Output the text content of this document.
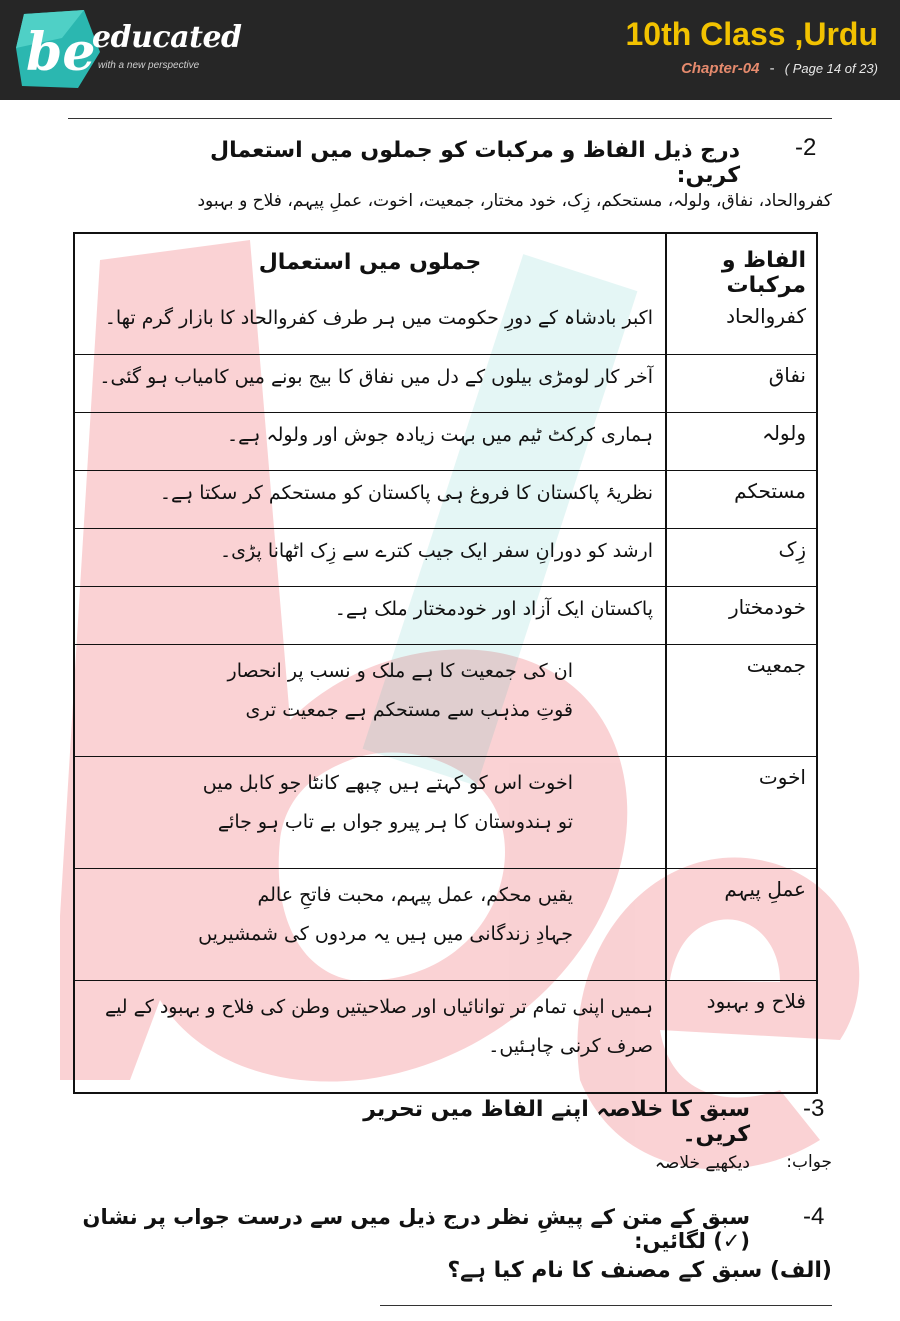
be
educated
with a new perspective
10th Class ,Urdu
Chapter-04 - ( Page 14 of 23)
-2
درج ذیل الفاظ و مرکبات کو جملوں میں استعمال کریں:
کفروالحاد، نفاق، ولولہ، مستحکم، زِک، خود مختار، جمعیت، اخوت، عملِ پیہم، فلاح و بہبود
الفاظ و مرکبات
جملوں میں استعمال
کفروالحاد
اکبر بادشاہ کے دورِ حکومت میں ہر طرف کفروالحاد کا بازار گرم تھا۔
نفاق
آخر کار لومڑی بیلوں کے دل میں نفاق کا بیج بونے میں کامیاب ہو گئی۔
ولولہ
ہماری کرکٹ ٹیم میں بہت زیادہ جوش اور ولولہ ہے۔
مستحکم
نظریۂ پاکستان کا فروغ ہی پاکستان کو مستحکم کر سکتا ہے۔
زِک
ارشد کو دورانِ سفر ایک جیب کترے سے زِک اٹھانا پڑی۔
خودمختار
پاکستان ایک آزاد اور خودمختار ملک ہے۔
جمعیت
ان کی جمعیت کا ہے ملک و نسب پر انحصار
قوتِ مذہب سے مستحکم ہے جمعیت تری
اخوت
اخوت اس کو کہتے ہیں چبھے کانٹا جو کابل میں
تو ہندوستان کا ہر پیرو جواں بے تاب ہو جائے
عملِ پیہم
یقیں محکم، عمل پیہم، محبت فاتحِ عالم
جہادِ زندگانی میں ہیں یہ مردوں کی شمشیریں
فلاح و بہبود
ہمیں اپنی تمام تر توانائیاں اور صلاحیتیں وطن کی فلاح و بہبود کے لیے
صرف کرنی چاہئیں۔
-3
سبق کا خلاصہ اپنے الفاظ میں تحریر کریں۔
جواب:
دیکھیے خلاصہ
-4
سبق کے متن کے پیشِ نظر درج ذیل میں سے درست جواب پر نشان (✓) لگائیں:
(الف) سبق کے مصنف کا نام کیا ہے؟
